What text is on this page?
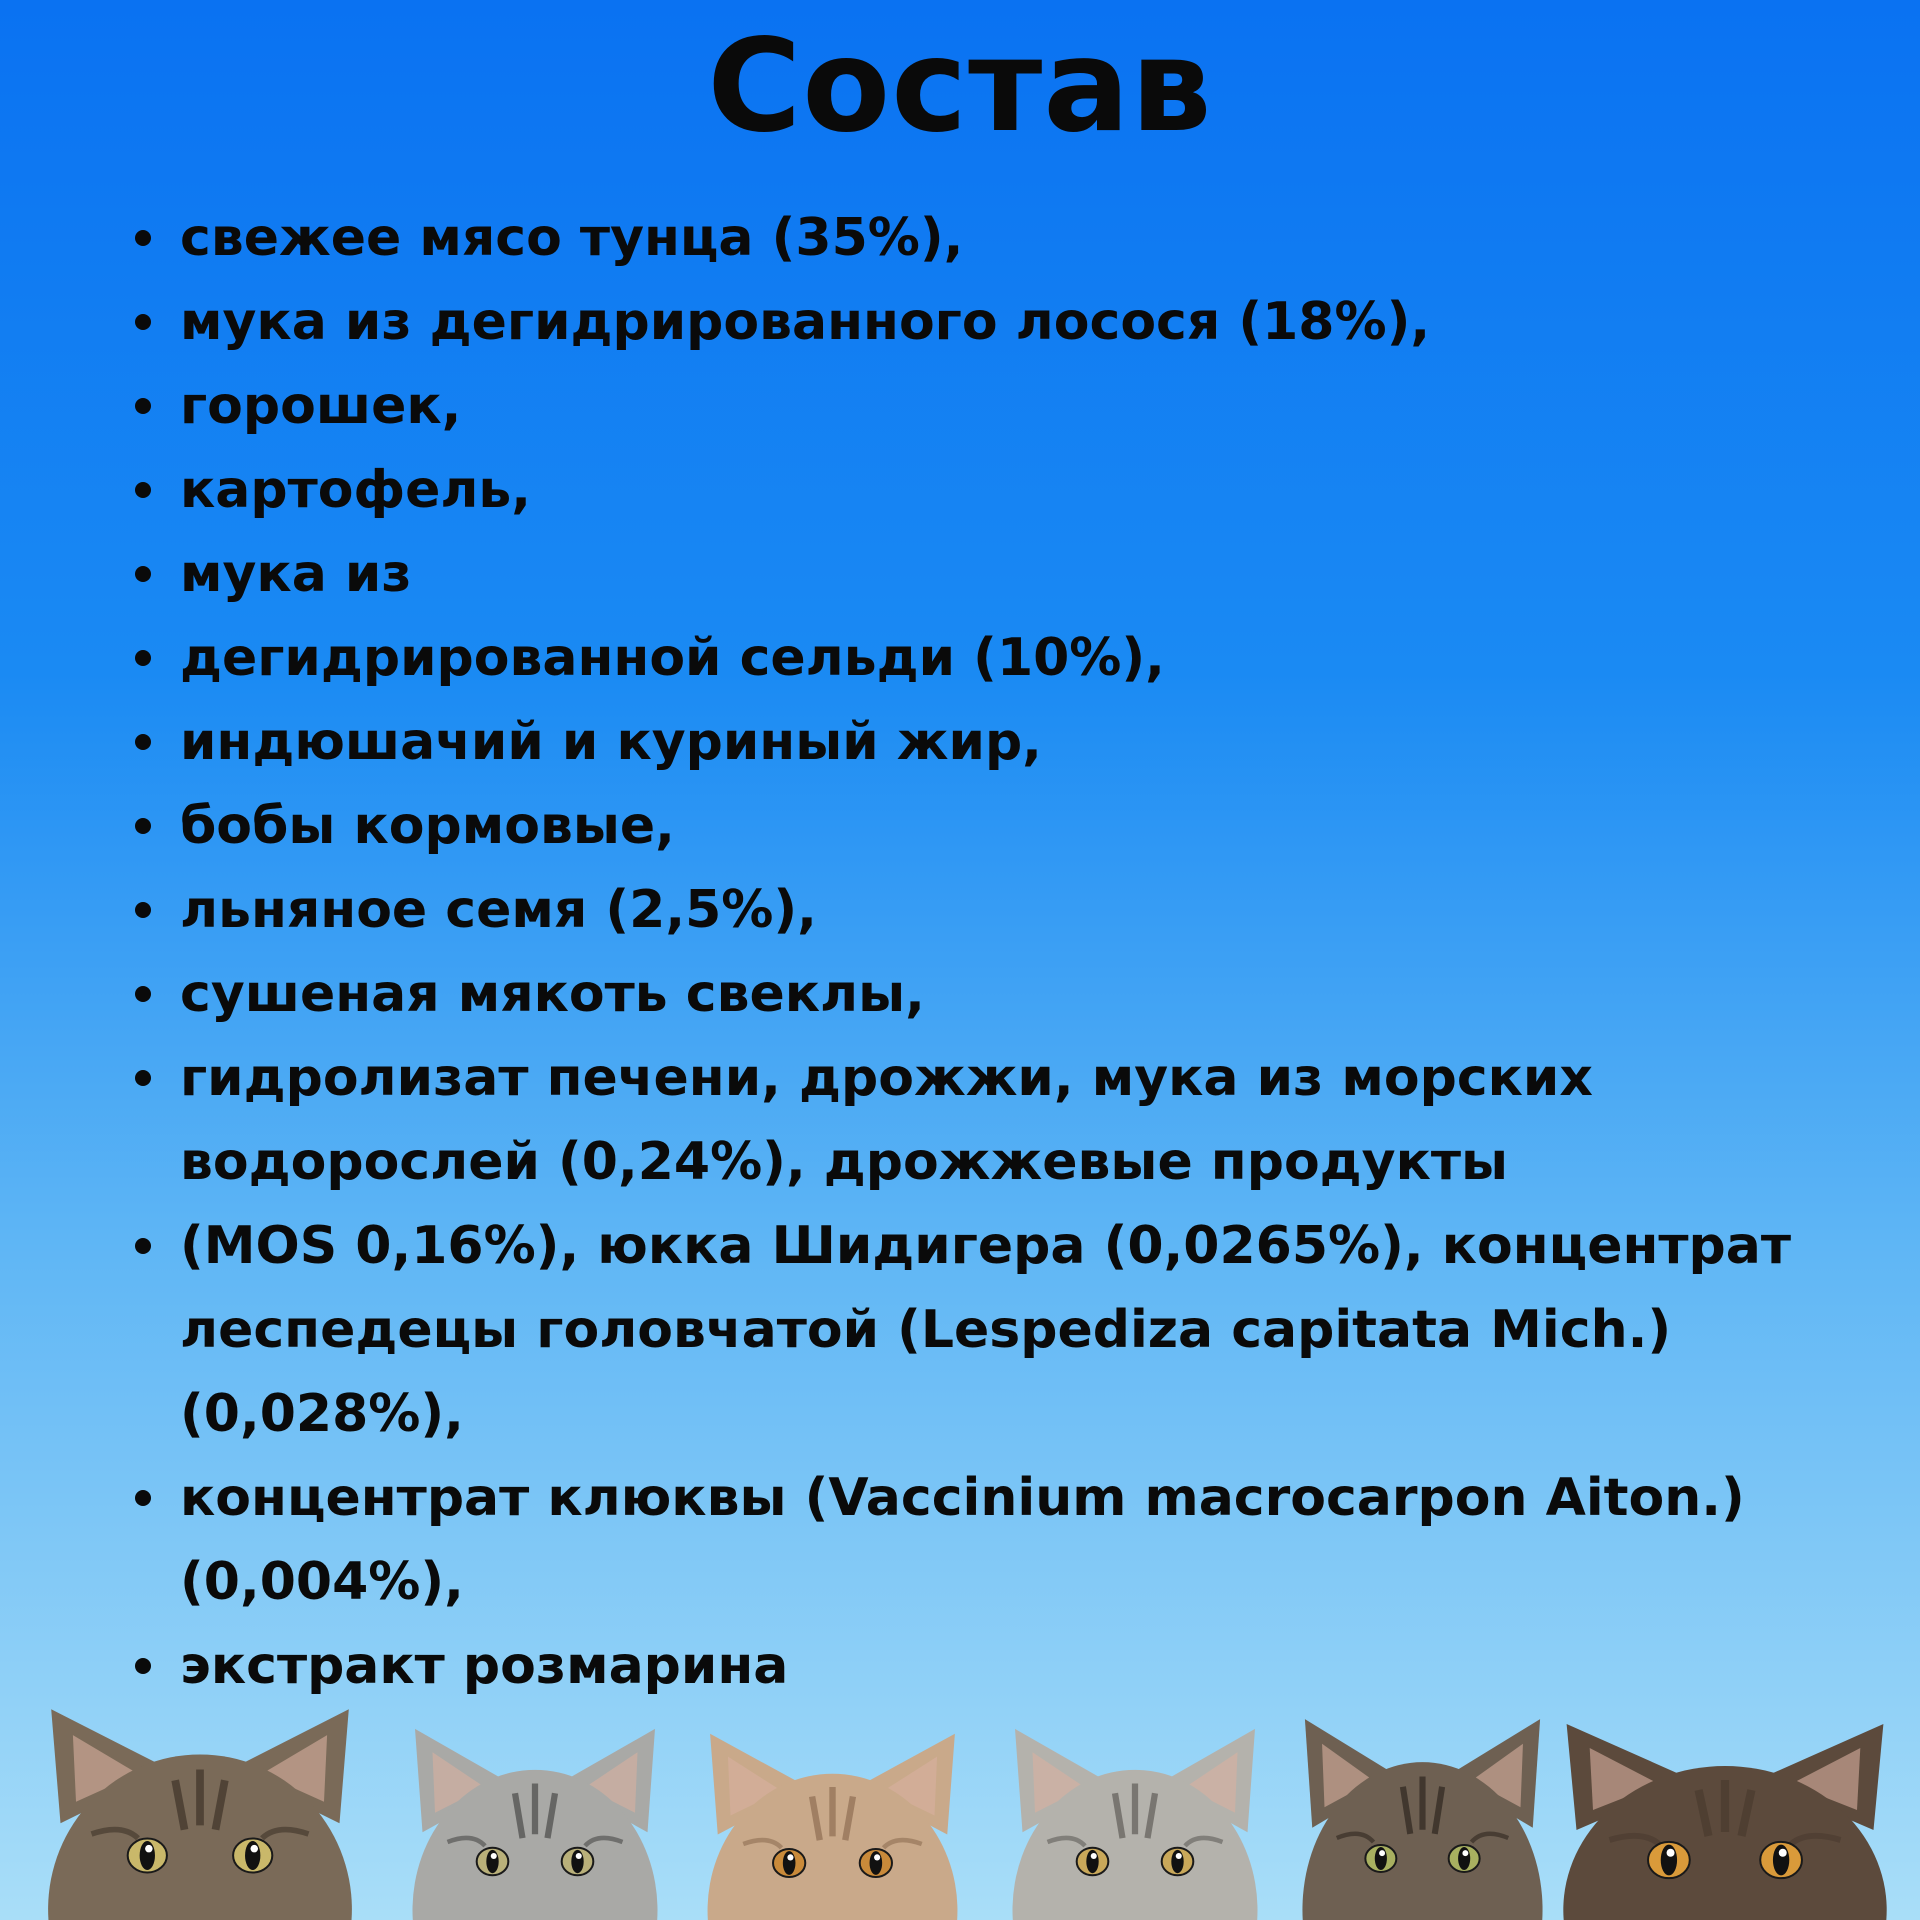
Состав
свежее мясо тунца (35%),
мука из дегидрированного лосося (18%),
горошек,
картофель,
мука из
дегидрированной сельди (10%),
индюшачий и куриный жир,
бобы кормовые,
льняное семя (2,5%),
сушеная мякоть свеклы,
гидролизат печени, дрожжи, мука из морских
водорослей (0,24%), дрожжевые продукты
(MOS 0,16%), юкка Шидигера (0,0265%), концентрат
леспедецы головчатой (Lespediza capitata Mich.)
(0,028%),
концентрат клюквы (Vaccinium macrocarpon Aiton.)
(0,004%),
экстракт розмарина
